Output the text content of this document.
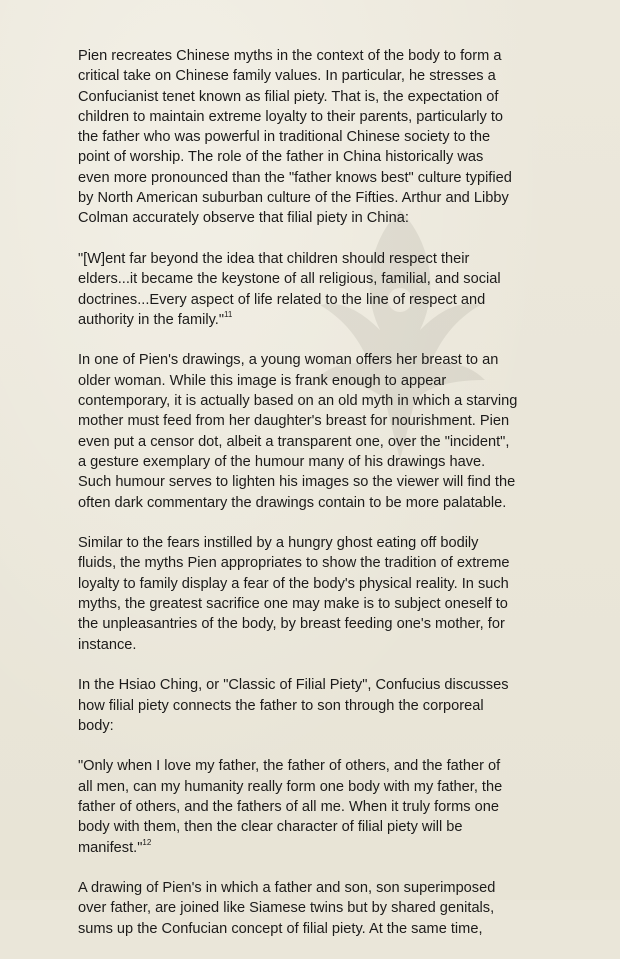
Pien recreates Chinese myths in the context of the body to form a
critical take on Chinese family values. In particular, he stresses a
Confucianist tenet known as filial piety. That is, the expectation of
children to maintain extreme loyalty to their parents, particularly to
the father who was powerful in traditional Chinese society to the
point of worship. The role of the father in China historically was
even more pronounced than the "father knows best" culture typified
by North American suburban culture of the Fifties. Arthur and Libby
Colman accurately observe that filial piety in China:

"[W]ent far beyond the idea that children should respect their
elders...it became the keystone of all religious, familial, and social
doctrines...Every aspect of life related to the line of respect and
authority in the family."$^{11}$

In one of Pien's drawings, a young woman offers her breast to an
older woman. While this image is frank enough to appear
contemporary, it is actually based on an old myth in which a starving
mother must feed from her daughter's breast for nourishment. Pien
even put a censor dot, albeit a transparent one, over the "incident",
a gesture exemplary of the humour many of his drawings have.
Such humour serves to lighten his images so the viewer will find the
often dark commentary the drawings contain to be more palatable.

Similar to the fears instilled by a hungry ghost eating off bodily
fluids, the myths Pien appropriates to show the tradition of extreme
loyalty to family display a fear of the body's physical reality. In such
myths, the greatest sacrifice one may make is to subject oneself to
the unpleasantries of the body, by breast feeding one's mother, for
instance.

In the Hsiao Ching, or "Classic of Filial Piety", Confucius discusses
how filial piety connects the father to son through the corporeal
body:

"Only when I love my father, the father of others, and the father of
all men, can my humanity really form one body with my father, the
father of others, and the fathers of all me. When it truly forms one
body with them, then the clear character of filial piety will be
manifest."$^{12}$

A drawing of Pien's in which a father and son, son superimposed
over father, are joined like Siamese twins but by shared genitals,
sums up the Confucian concept of filial piety. At the same time,
